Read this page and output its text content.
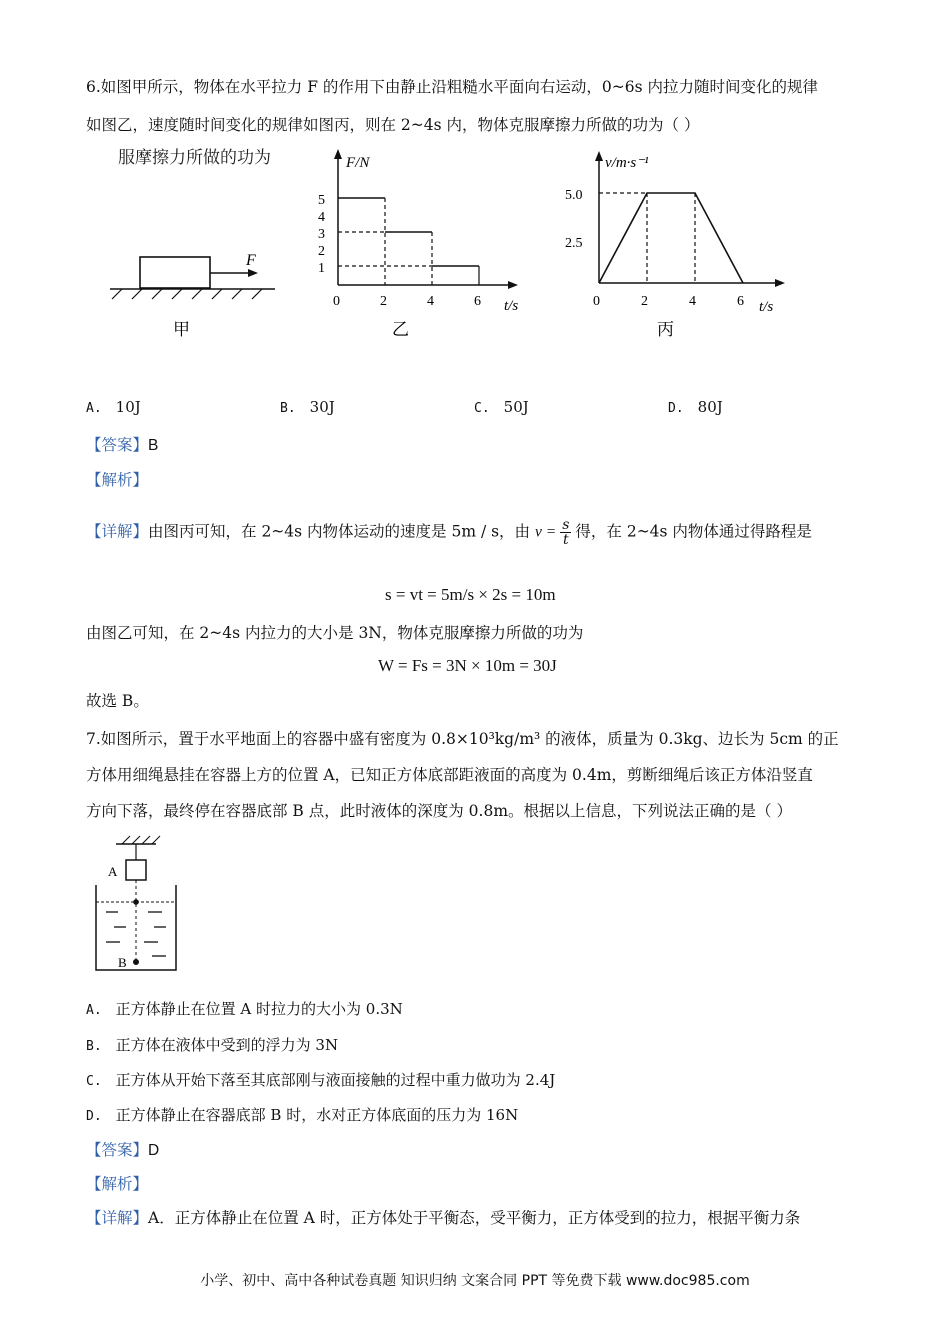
6.如图甲所示，物体在水平拉力 F 的作用下由静止沿粗糙水平面向右运动，0~6s 内拉力随时间变化的规律
如图乙，速度随时间变化的规律如图丙，则在 2~4s 内，物体克服摩擦力所做的功为（ ）
服摩擦力所做的功为
F
甲
F/N
t/s
1
2
3
4
5
0	2	4	6
乙
v/m·s⁻¹
t/s
2.5
5.0
0	2	4	6
丙
A. 10J	B. 30J	C. 50J	D. 80J
【答案】B
【解析】
【详解】由图丙可知，在 2~4s 内物体运动的速度是 5m / s，由 $v = \frac{s}{t}$ 得，在 2~4s 内物体通过得路程是
s = vt = 5m/s × 2s = 10m
由图乙可知，在 2~4s 内拉力的大小是 3N，物体克服摩擦力所做的功为
W = Fs = 3N × 10m = 30J
故选 B。
7.如图所示，置于水平地面上的容器中盛有密度为 0.8×10³kg/m³ 的液体，质量为 0.3kg、边长为 5cm 的正
方体用细绳悬挂在容器上方的位置 A，已知正方体底部距液面的高度为 0.4m，剪断细绳后该正方体沿竖直
方向下落，最终停在容器底部 B 点，此时液体的深度为 0.8m。根据以上信息，下列说法正确的是（ ）
A
B
A. 正方体静止在位置 A 时拉力的大小为 0.3N
B. 正方体在液体中受到的浮力为 3N
C. 正方体从开始下落至其底部刚与液面接触的过程中重力做功为 2.4J
D. 正方体静止在容器底部 B 时，水对正方体底面的压力为 16N
【答案】D
【解析】
【详解】A．正方体静止在位置 A 时，正方体处于平衡态，受平衡力，正方体受到的拉力，根据平衡力条
小学、初中、高中各种试卷真题 知识归纳 文案合同 PPT 等免费下载 www.doc985.com
